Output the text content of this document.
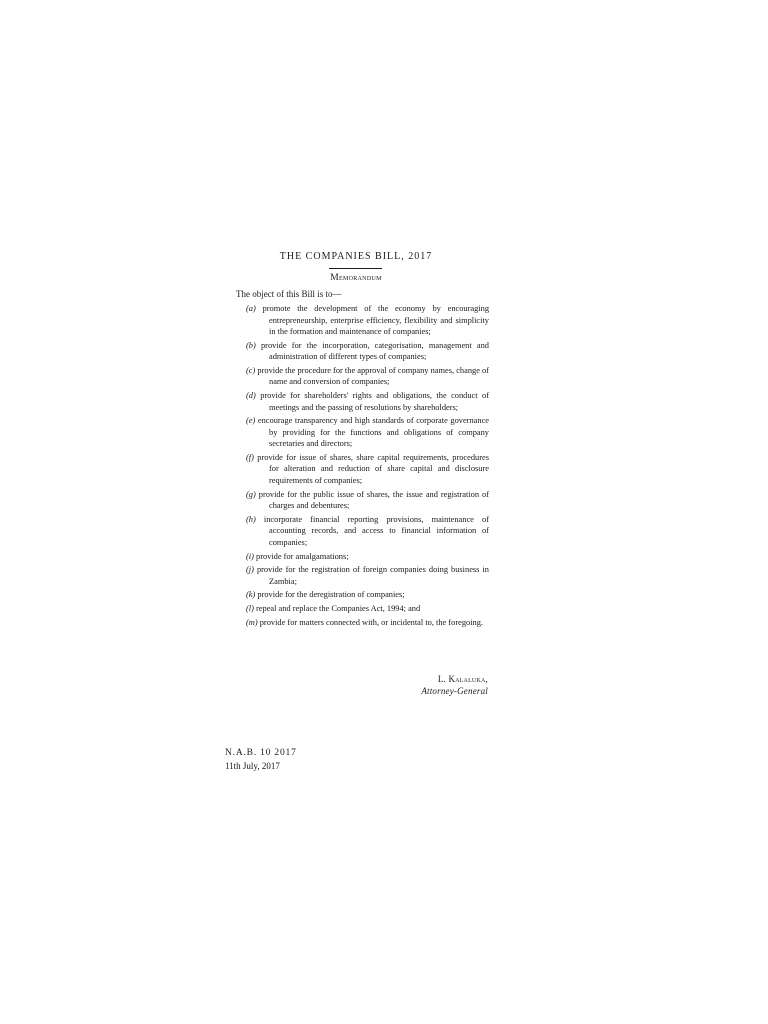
THE COMPANIES BILL, 2017
Memorandum
The object of this Bill is to—
(a) promote the development of the economy by encouraging entrepreneurship, enterprise efficiency, flexibility and simplicity in the formation and maintenance of companies;
(b) provide for the incorporation, categorisation, management and administration of different types of companies;
(c) provide the procedure for the approval of company names, change of name and conversion of companies;
(d) provide for shareholders' rights and obligations, the conduct of meetings and the passing of resolutions by shareholders;
(e) encourage transparency and high standards of corporate governance by providing for the functions and obligations of company secretaries and directors;
(f) provide for issue of shares, share capital requirements, procedures for alteration and reduction of share capital and disclosure requirements of companies;
(g) provide for the public issue of shares, the issue and registration of charges and debentures;
(h) incorporate financial reporting provisions, maintenance of accounting records, and access to financial information of companies;
(i) provide for amalgamations;
(j) provide for the registration of foreign companies doing business in Zambia;
(k) provide for the deregistration of companies;
(l) repeal and replace the Companies Act, 1994; and
(m) provide for matters connected with, or incidental to, the foregoing.
L. Kalaluka,
Attorney-General
N.A.B. 10 2017
11th July, 2017
